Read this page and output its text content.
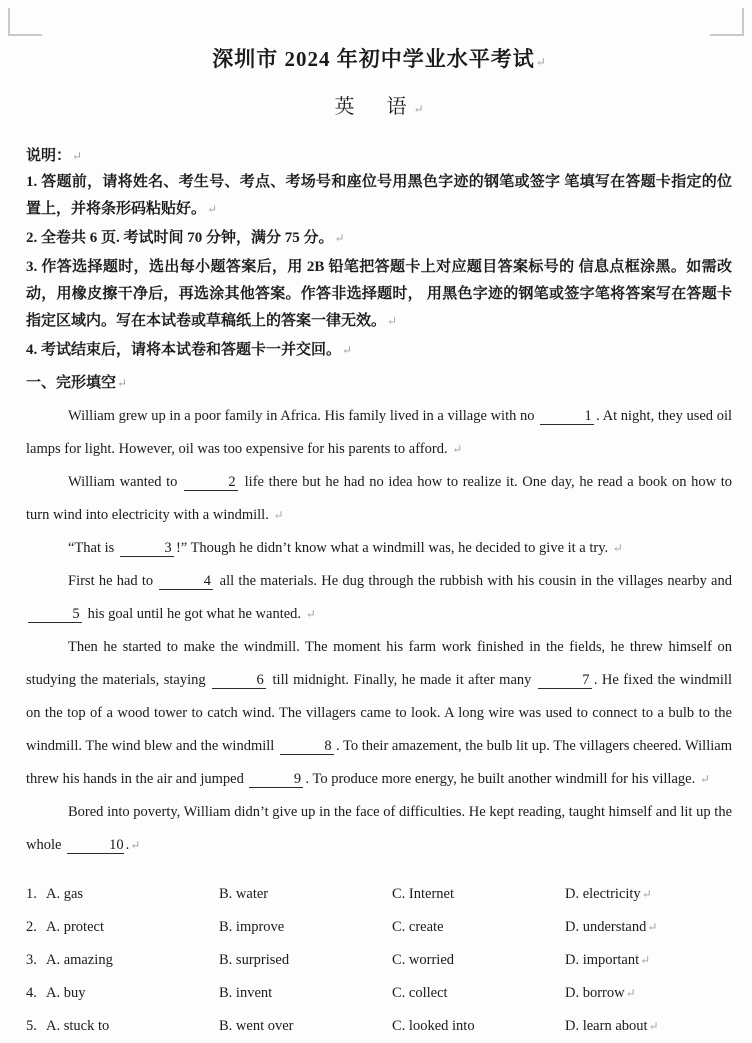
深圳市 2024 年初中学业水平考试↵
英　语↵
说明：↵
1. 答题前，请将姓名、考生号、考点、考场号和座位号用黑色字迹的钢笔或签字 笔填写在答题卡指定的位置上，并将条形码粘贴好。↵
2. 全卷共 6 页. 考试时间 70 分钟，满分 75 分。↵
3. 作答选择题时，选出每小题答案后，用 2B 铅笔把答题卡上对应题目答案标号的 信息点框涂黑。如需改动，用橡皮擦干净后，再选涂其他答案。作答非选择题时， 用黑色字迹的钢笔或签字笔将答案写在答题卡指定区域内。写在本试卷或草稿纸上的答案一律无效。↵
4. 考试结束后，请将本试卷和答题卡一并交回。↵
一、完形填空↵

William grew up in a poor family in Africa. His family lived in a village with no	1 . At night, they used oil lamps for light. However, oil was too expensive for his parents to afford. ↵

William wanted to	2 life there but he had no idea how to realize it. One day, he read a book on how to turn wind into electricity with a windmill. ↵

“That is	3 !” Though he didn’t know what a windmill was, he decided to give it a try. ↵

First he had to	4 all the materials. He dug through the rubbish with his cousin in the villages nearby and 5 his goal until he got what he wanted. ↵

Then he started to make the windmill. The moment his farm work finished in the fields, he threw himself on studying the materials, staying	6 till midnight. Finally, he made it after many	7 . He fixed the windmill on the top of a wood tower to catch wind. The villagers came to look. A long wire was used to connect to a bulb to the windmill. The wind blew and the windmill	8 . To their amazement, the bulb lit up. The villagers cheered. William threw his hands in the air and jumped	9 . To produce more energy, he built another windmill for his village. ↵

Bored into poverty, William didn’t give up in the face of difficulties. He kept reading, taught himself and lit up the whole	10 .↵

1. A. gas	B. water	C. Internet	D. electricity↵
2. A. protect	B. improve	C. create	D. understand↵
3. A. amazing	B. surprised	C. worried	D. important↵
4. A. buy	B. invent	C. collect	D. borrow↵
5. A. stuck to	B. went over	C. looked into	D. learn about↵
